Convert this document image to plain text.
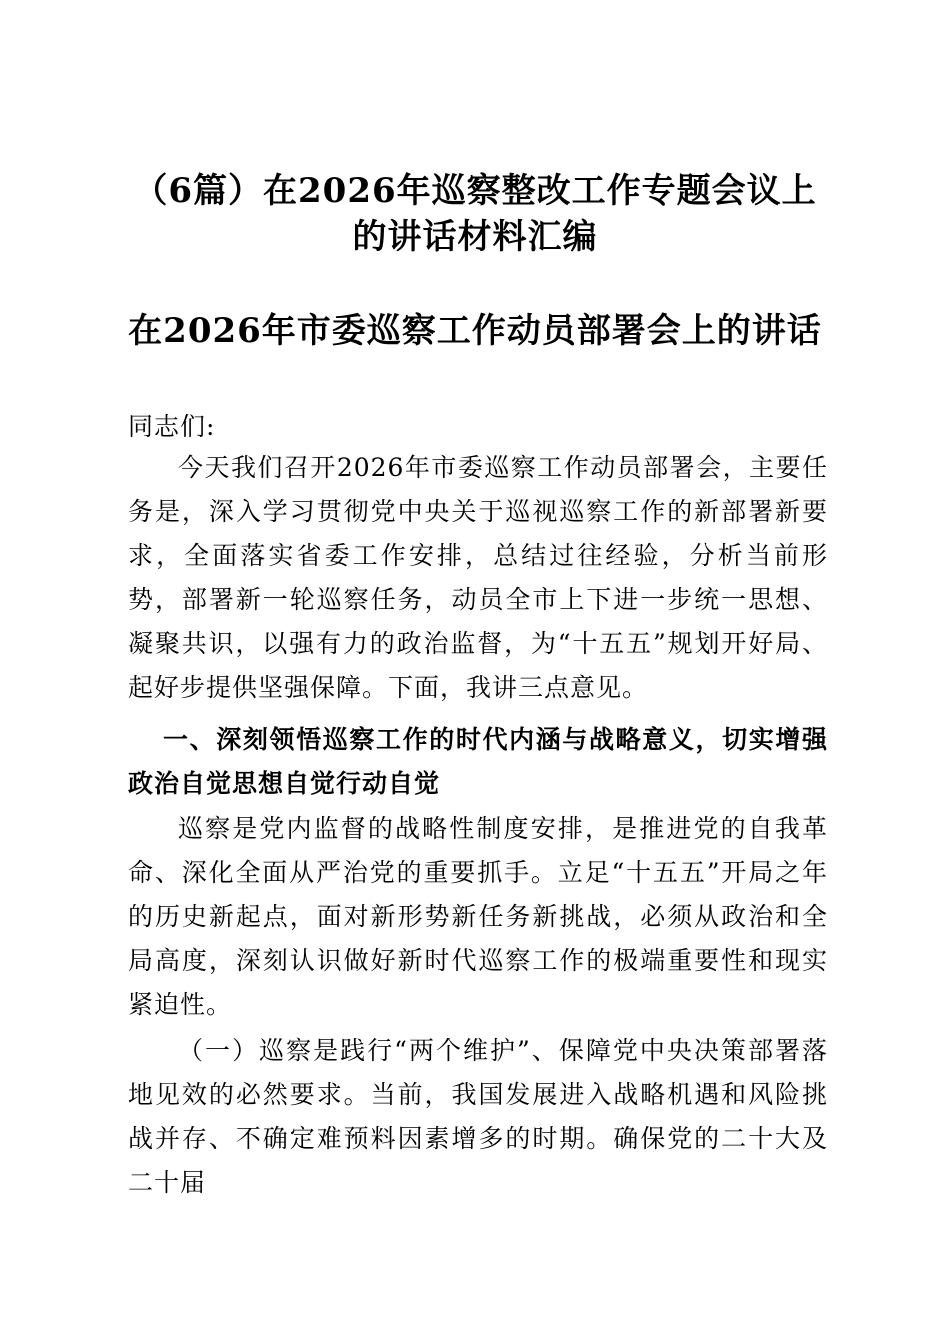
（6篇）在2026年巡察整改工作专题会议上的讲话材料汇编
在2026年市委巡察工作动员部署会上的讲话

同志们:

今天我们召开2026年市委巡察工作动员部署会，主要任务是，深入学习贯彻党中央关于巡视巡察工作的新部署新要求，全面落实省委工作安排，总结过往经验，分析当前形势，部署新一轮巡察任务，动员全市上下进一步统一思想、凝聚共识，以强有力的政治监督，为“十五五”规划开好局、起好步提供坚强保障。下面，我讲三点意见。

一、深刻领悟巡察工作的时代内涵与战略意义，切实增强政治自觉思想自觉行动自觉

巡察是党内监督的战略性制度安排，是推进党的自我革命、深化全面从严治党的重要抓手。立足“十五五”开局之年的历史新起点，面对新形势新任务新挑战，必须从政治和全局高度，深刻认识做好新时代巡察工作的极端重要性和现实紧迫性。

（一）巡察是践行“两个维护”、保障党中央决策部署落地见效的必然要求。当前，我国发展进入战略机遇和风险挑战并存、不确定难预料因素增多的时期。确保党的二十大及二十届
